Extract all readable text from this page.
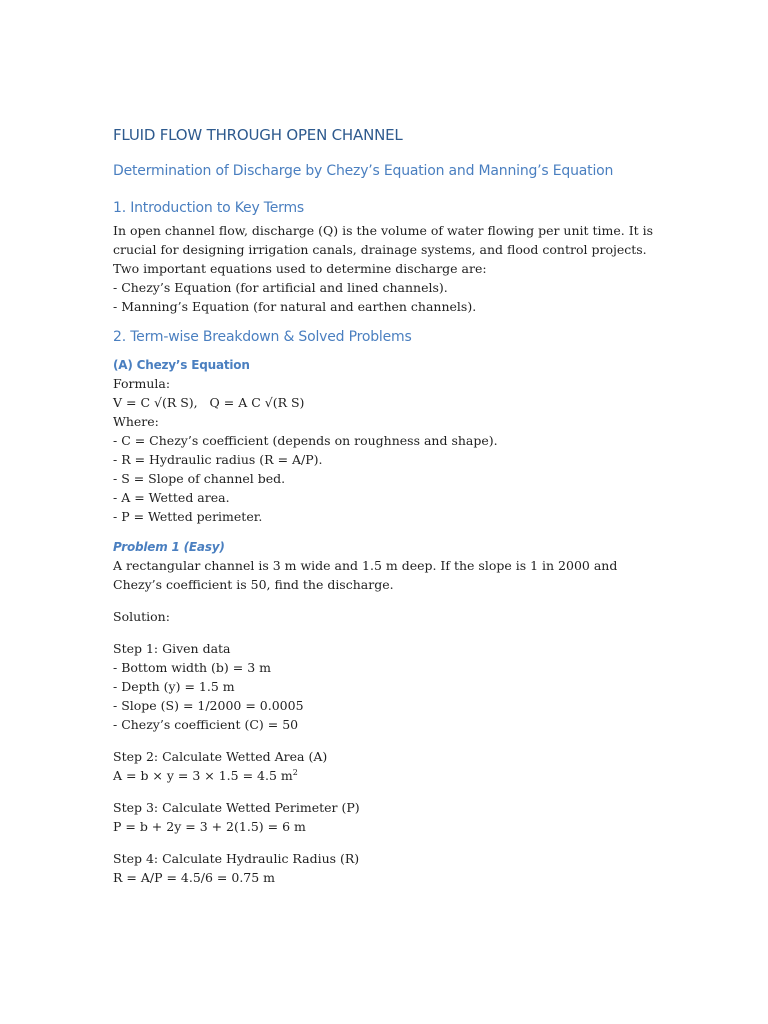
FLUID FLOW THROUGH OPEN CHANNEL
Determination of Discharge by Chezy’s Equation and Manning’s Equation
1. Introduction to Key Terms

In open channel flow, discharge (Q) is the volume of water flowing per unit time. It is crucial for designing irrigation canals, drainage systems, and flood control projects. Two important equations used to determine discharge are:

- Chezy’s Equation (for artificial and lined channels).

- Manning’s Equation (for natural and earthen channels).

2. Term-wise Breakdown & Solved Problems
(A) Chezy’s Equation

Formula:

V = C √(R S),   Q = A C √(R S)

Where:

- C = Chezy’s coefficient (depends on roughness and shape).

- R = Hydraulic radius (R = A/P).

- S = Slope of channel bed.

- A = Wetted area.

- P = Wetted perimeter.

Problem 1 (Easy)

A rectangular channel is 3 m wide and 1.5 m deep. If the slope is 1 in 2000 and Chezy’s coefficient is 50, find the discharge.

Solution:

Step 1: Given data

- Bottom width (b) = 3 m

- Depth (y) = 1.5 m

- Slope (S) = 1/2000 = 0.0005

- Chezy’s coefficient (C) = 50

Step 2: Calculate Wetted Area (A)

A = b × y = 3 × 1.5 = 4.5 $m^2$

Step 3: Calculate Wetted Perimeter (P)

P = b + 2y = 3 + 2(1.5) = 6 m

Step 4: Calculate Hydraulic Radius (R)

R = A/P = 4.5/6 = 0.75 m
